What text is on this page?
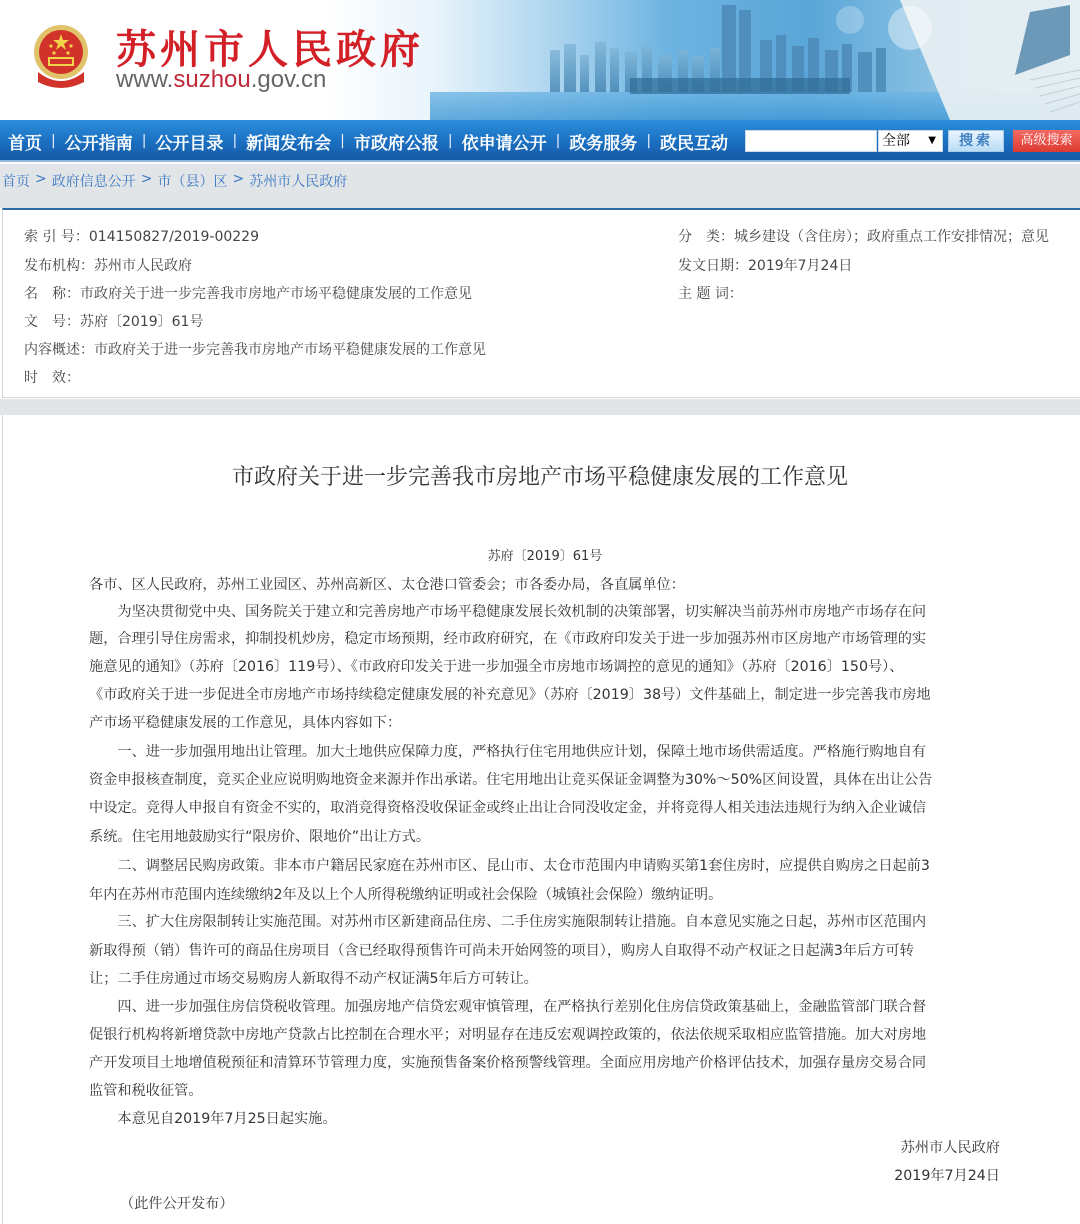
苏州市人民政府
www.suzhou.gov.cn
首页 | 公开指南 | 公开目录 | 新闻发布会 | 市政府公报 | 依申请公开 | 政务服务 | 政民互动	全部 ▼	搜索	高级搜索
首页 > 政府信息公开 > 市（县）区 > 苏州市人民政府
索 引 号：014150827/2019-00229
发布机构：苏州市人民政府
名　称：市政府关于进一步完善我市房地产市场平稳健康发展的工作意见
文　号：苏府〔2019〕61号
内容概述：市政府关于进一步完善我市房地产市场平稳健康发展的工作意见
时　效：
分　类：城乡建设（含住房）；政府重点工作安排情况；意见
发文日期：2019年7月24日
主 题 词：
市政府关于进一步完善我市房地产市场平稳健康发展的工作意见
苏府〔2019〕61号
各市、区人民政府，苏州工业园区、苏州高新区、太仓港口管委会；市各委办局，各直属单位：
　　为坚决贯彻党中央、国务院关于建立和完善房地产市场平稳健康发展长效机制的决策部署，切实解决当前苏州市房地产市场存在问
题，合理引导住房需求，抑制投机炒房，稳定市场预期，经市政府研究，在《市政府印发关于进一步加强苏州市区房地产市场管理的实
施意见的通知》（苏府〔2016〕119号）、《市政府印发关于进一步加强全市房地市场调控的意见的通知》（苏府〔2016〕150号）、
《市政府关于进一步促进全市房地产市场持续稳定健康发展的补充意见》（苏府〔2019〕38号）文件基础上，制定进一步完善我市房地
产市场平稳健康发展的工作意见，具体内容如下：
　　一、进一步加强用地出让管理。加大土地供应保障力度，严格执行住宅用地供应计划，保障土地市场供需适度。严格施行购地自有
资金申报核查制度，竞买企业应说明购地资金来源并作出承诺。住宅用地出让竞买保证金调整为30%～50%区间设置，具体在出让公告
中设定。竞得人申报自有资金不实的，取消竞得资格没收保证金或终止出让合同没收定金，并将竞得人相关违法违规行为纳入企业诚信
系统。住宅用地鼓励实行“限房价、限地价”出让方式。
　　二、调整居民购房政策。非本市户籍居民家庭在苏州市区、昆山市、太仓市范围内申请购买第1套住房时，应提供自购房之日起前3
年内在苏州市范围内连续缴纳2年及以上个人所得税缴纳证明或社会保险（城镇社会保险）缴纳证明。
　　三、扩大住房限制转让实施范围。对苏州市区新建商品住房、二手住房实施限制转让措施。自本意见实施之日起，苏州市区范围内
新取得预（销）售许可的商品住房项目（含已经取得预售许可尚未开始网签的项目），购房人自取得不动产权证之日起满3年后方可转
让；二手住房通过市场交易购房人新取得不动产权证满5年后方可转让。
　　四、进一步加强住房信贷税收管理。加强房地产信贷宏观审慎管理，在严格执行差别化住房信贷政策基础上，金融监管部门联合督
促银行机构将新增贷款中房地产贷款占比控制在合理水平；对明显存在违反宏观调控政策的，依法依规采取相应监管措施。加大对房地
产开发项目土地增值税预征和清算环节管理力度，实施预售备案价格预警线管理。全面应用房地产价格评估技术，加强存量房交易合同
监管和税收征管。
　　本意见自2019年7月25日起实施。
苏州市人民政府
2019年7月24日
（此件公开发布）
